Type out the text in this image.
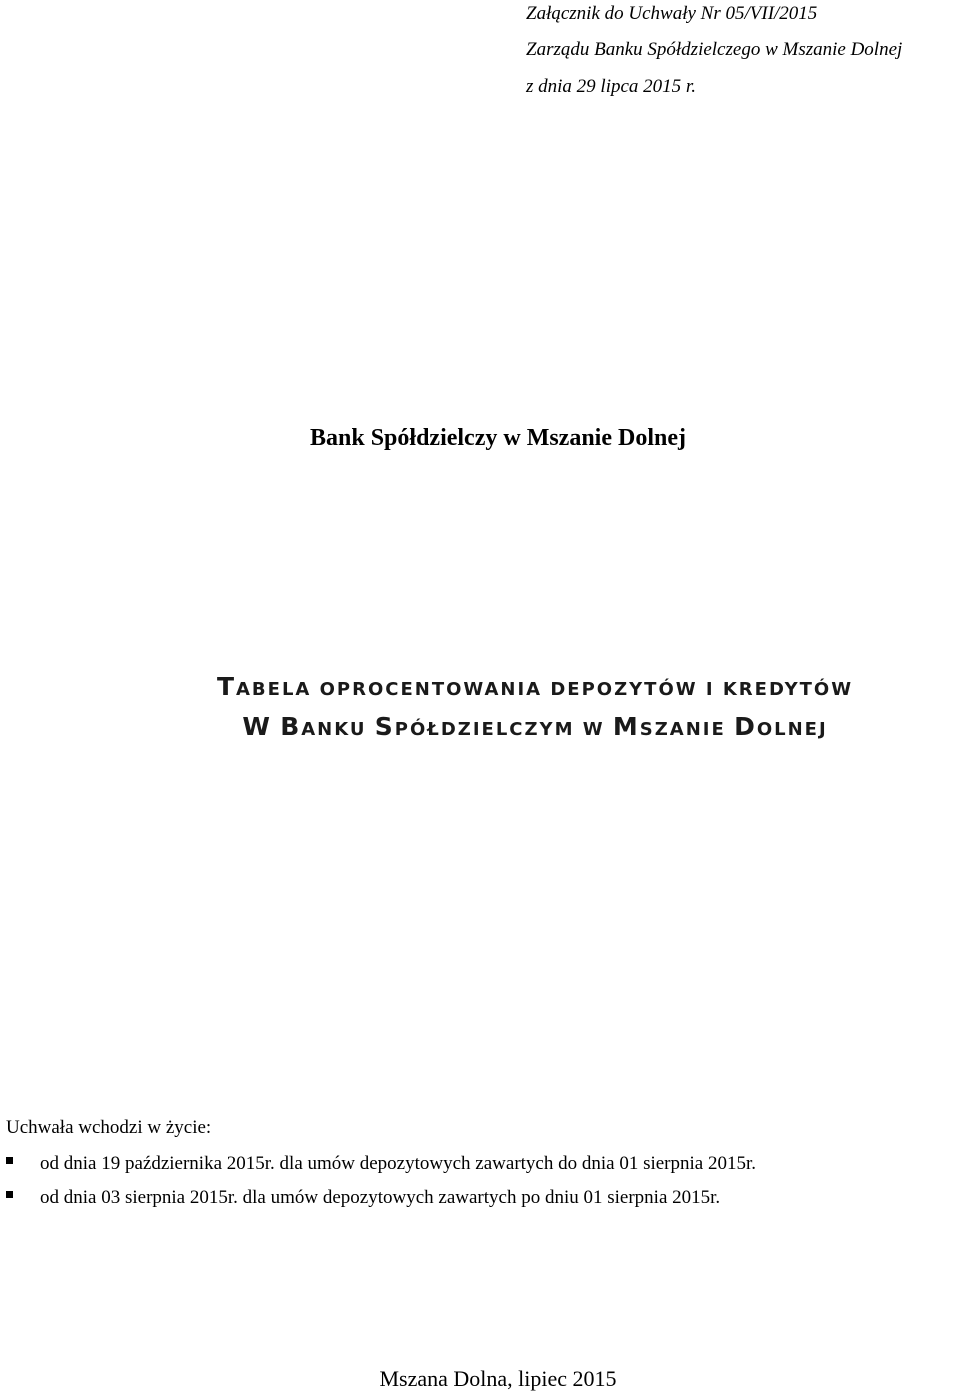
Załącznik do Uchwały Nr 05/VII/2015
Zarządu Banku Spółdzielczego w Mszanie Dolnej
z dnia 29 lipca 2015 r.
Bank Spółdzielczy w Mszanie Dolnej
TABELA OPROCENTOWANIA DEPOZYTÓW I KREDYTÓW
W BANKU SPÓŁDZIELCZYM W MSZANIE DOLNEJ
Uchwała wchodzi w życie:
od dnia 19 października 2015r. dla umów depozytowych zawartych do dnia 01 sierpnia 2015r.
od dnia 03 sierpnia 2015r. dla umów depozytowych zawartych po dniu 01 sierpnia 2015r.
Mszana Dolna, lipiec 2015
